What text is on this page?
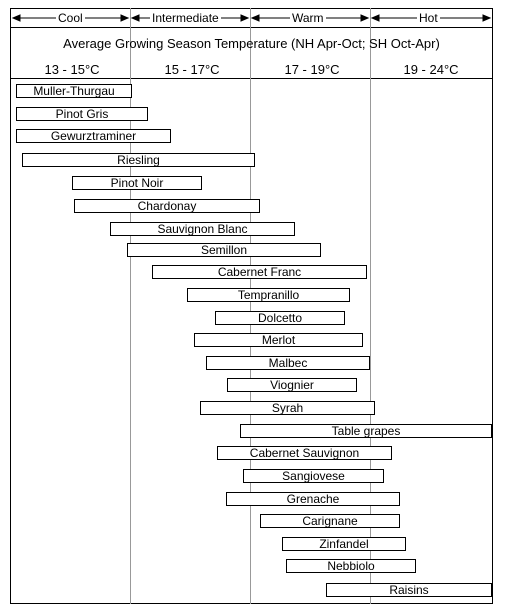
Cool	Intermediate	Warm	Hot
Average Growing Season Temperature (NH Apr-Oct; SH Oct-Apr)
13 - 15°C	15 - 17°C	17 - 19°C	19 - 24°C
Muller-Thurgau
Pinot Gris
Gewurztraminer
Riesling
Pinot Noir
Chardonay
Sauvignon Blanc
Semillon
Cabernet Franc
Tempranillo
Dolcetto
Merlot
Malbec
Viognier
Syrah
Table grapes
Cabernet Sauvignon
Sangiovese
Grenache
Carignane
Zinfandel
Nebbiolo
Raisins
